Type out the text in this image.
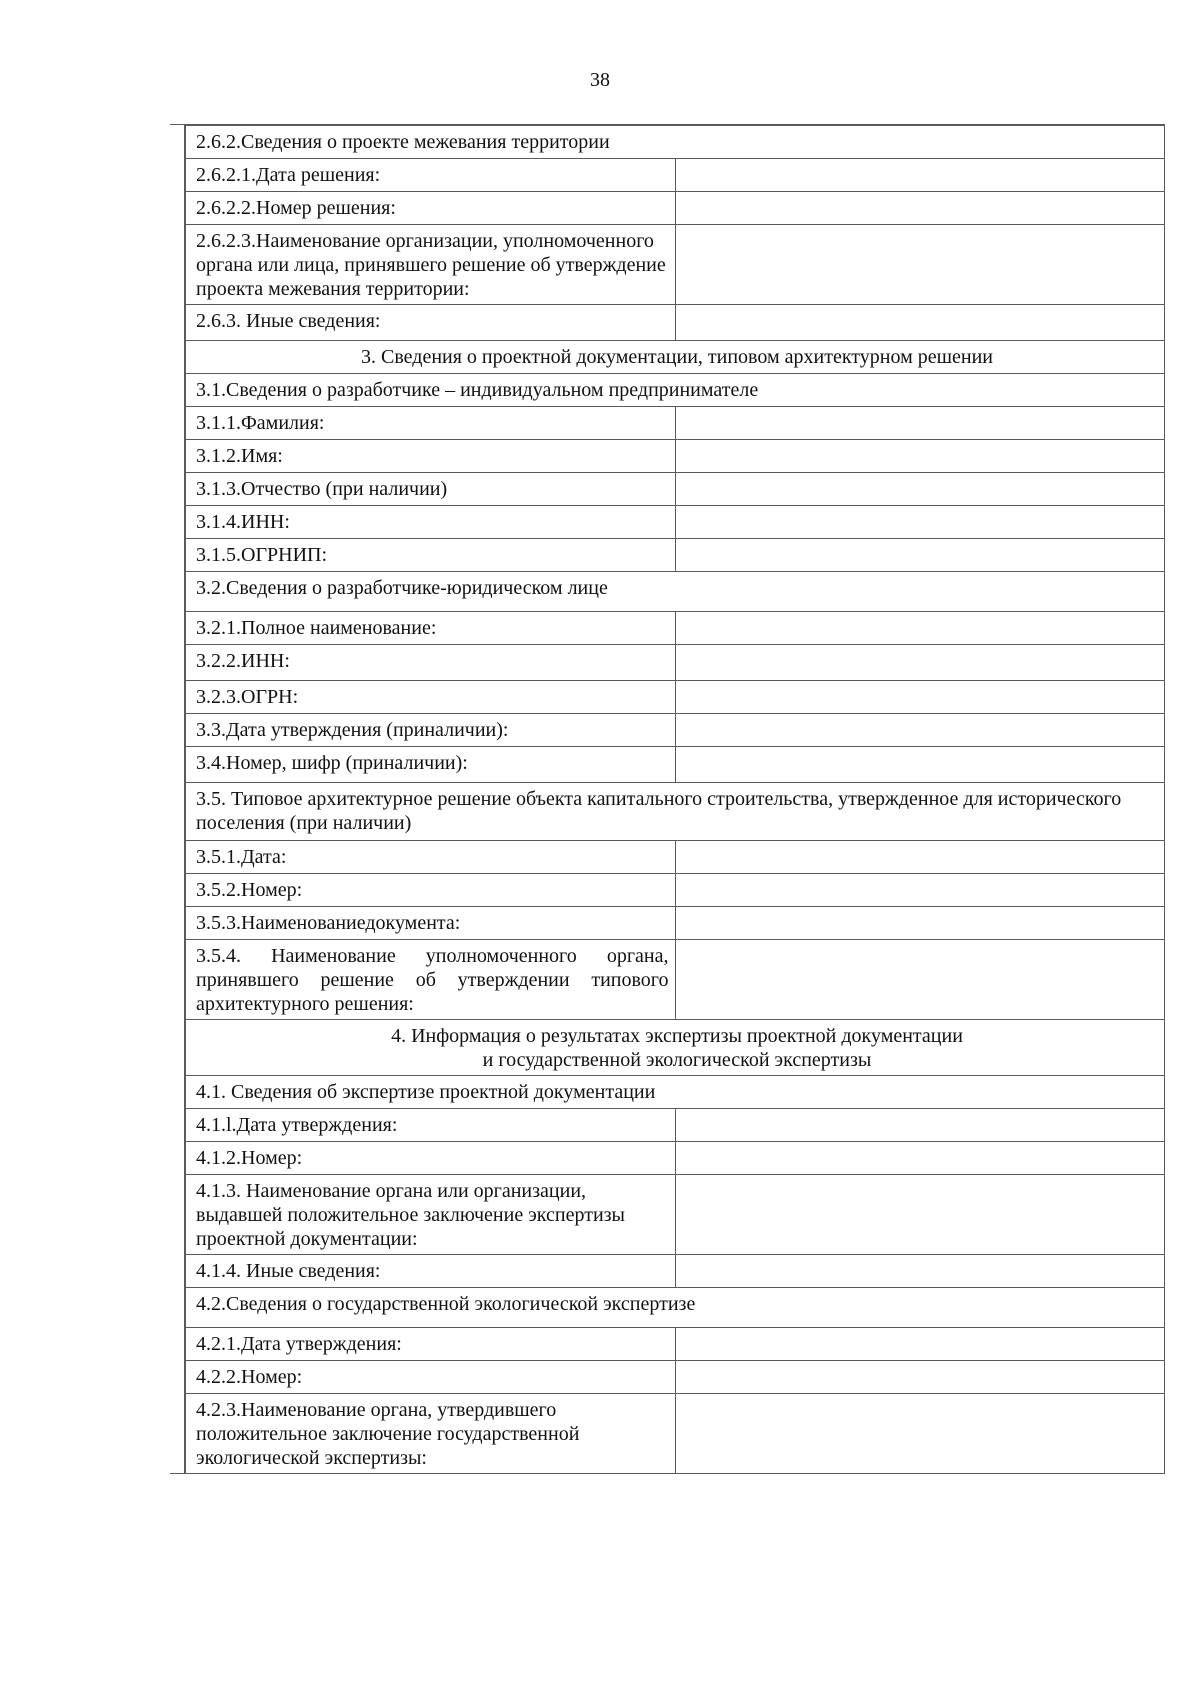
38
2.6.2.Сведения о проекте межевания территории	
2.6.2.1.Дата решения:	
2.6.2.2.Номер решения:	
2.6.2.3.Наименование организации, уполномоченного органа или лица, принявшего решение об утверждение проекта межевания территории:	
2.6.3. Иные сведения:	
3. Сведения о проектной документации, типовом архитектурном решении	
3.1.Сведения о разработчике – индивидуальном предпринимателе	
3.1.1.Фамилия:	
3.1.2.Имя:	
3.1.3.Отчество (при наличии)	
3.1.4.ИНН:	
3.1.5.ОГРНИП:	
3.2.Сведения о разработчике-юридическом лице	
3.2.1.Полное наименование:	
3.2.2.ИНН:	
3.2.3.ОГРН:	
3.3.Дата утверждения (приналичии):	
3.4.Номер, шифр (приналичии):	
3.5. Типовое архитектурное решение объекта капитального строительства, утвержденное для исторического поселения (при наличии)	
3.5.1.Дата:	
3.5.2.Номер:	
3.5.3.Наименованиедокумента:	
3.5.4. Наименование уполномоченного органа, принявшего решение об утверждении типового архитектурного решения:	
4. Информация о результатах экспертизы проектной документации
и государственной экологической экспертизы	
4.1. Сведения об экспертизе проектной документации	
4.1.l.Дата утверждения:	
4.1.2.Номер:	
4.1.3. Наименование органа или организации, выдавшей положительное заключение экспертизы проектной документации:	
4.1.4. Иные сведения:	
4.2.Сведения о государственной экологической экспертизе	
4.2.1.Дата утверждения:	
4.2.2.Номер:	
4.2.3.Наименование органа, утвердившего положительное заключение государственной экологической экспертизы:	
